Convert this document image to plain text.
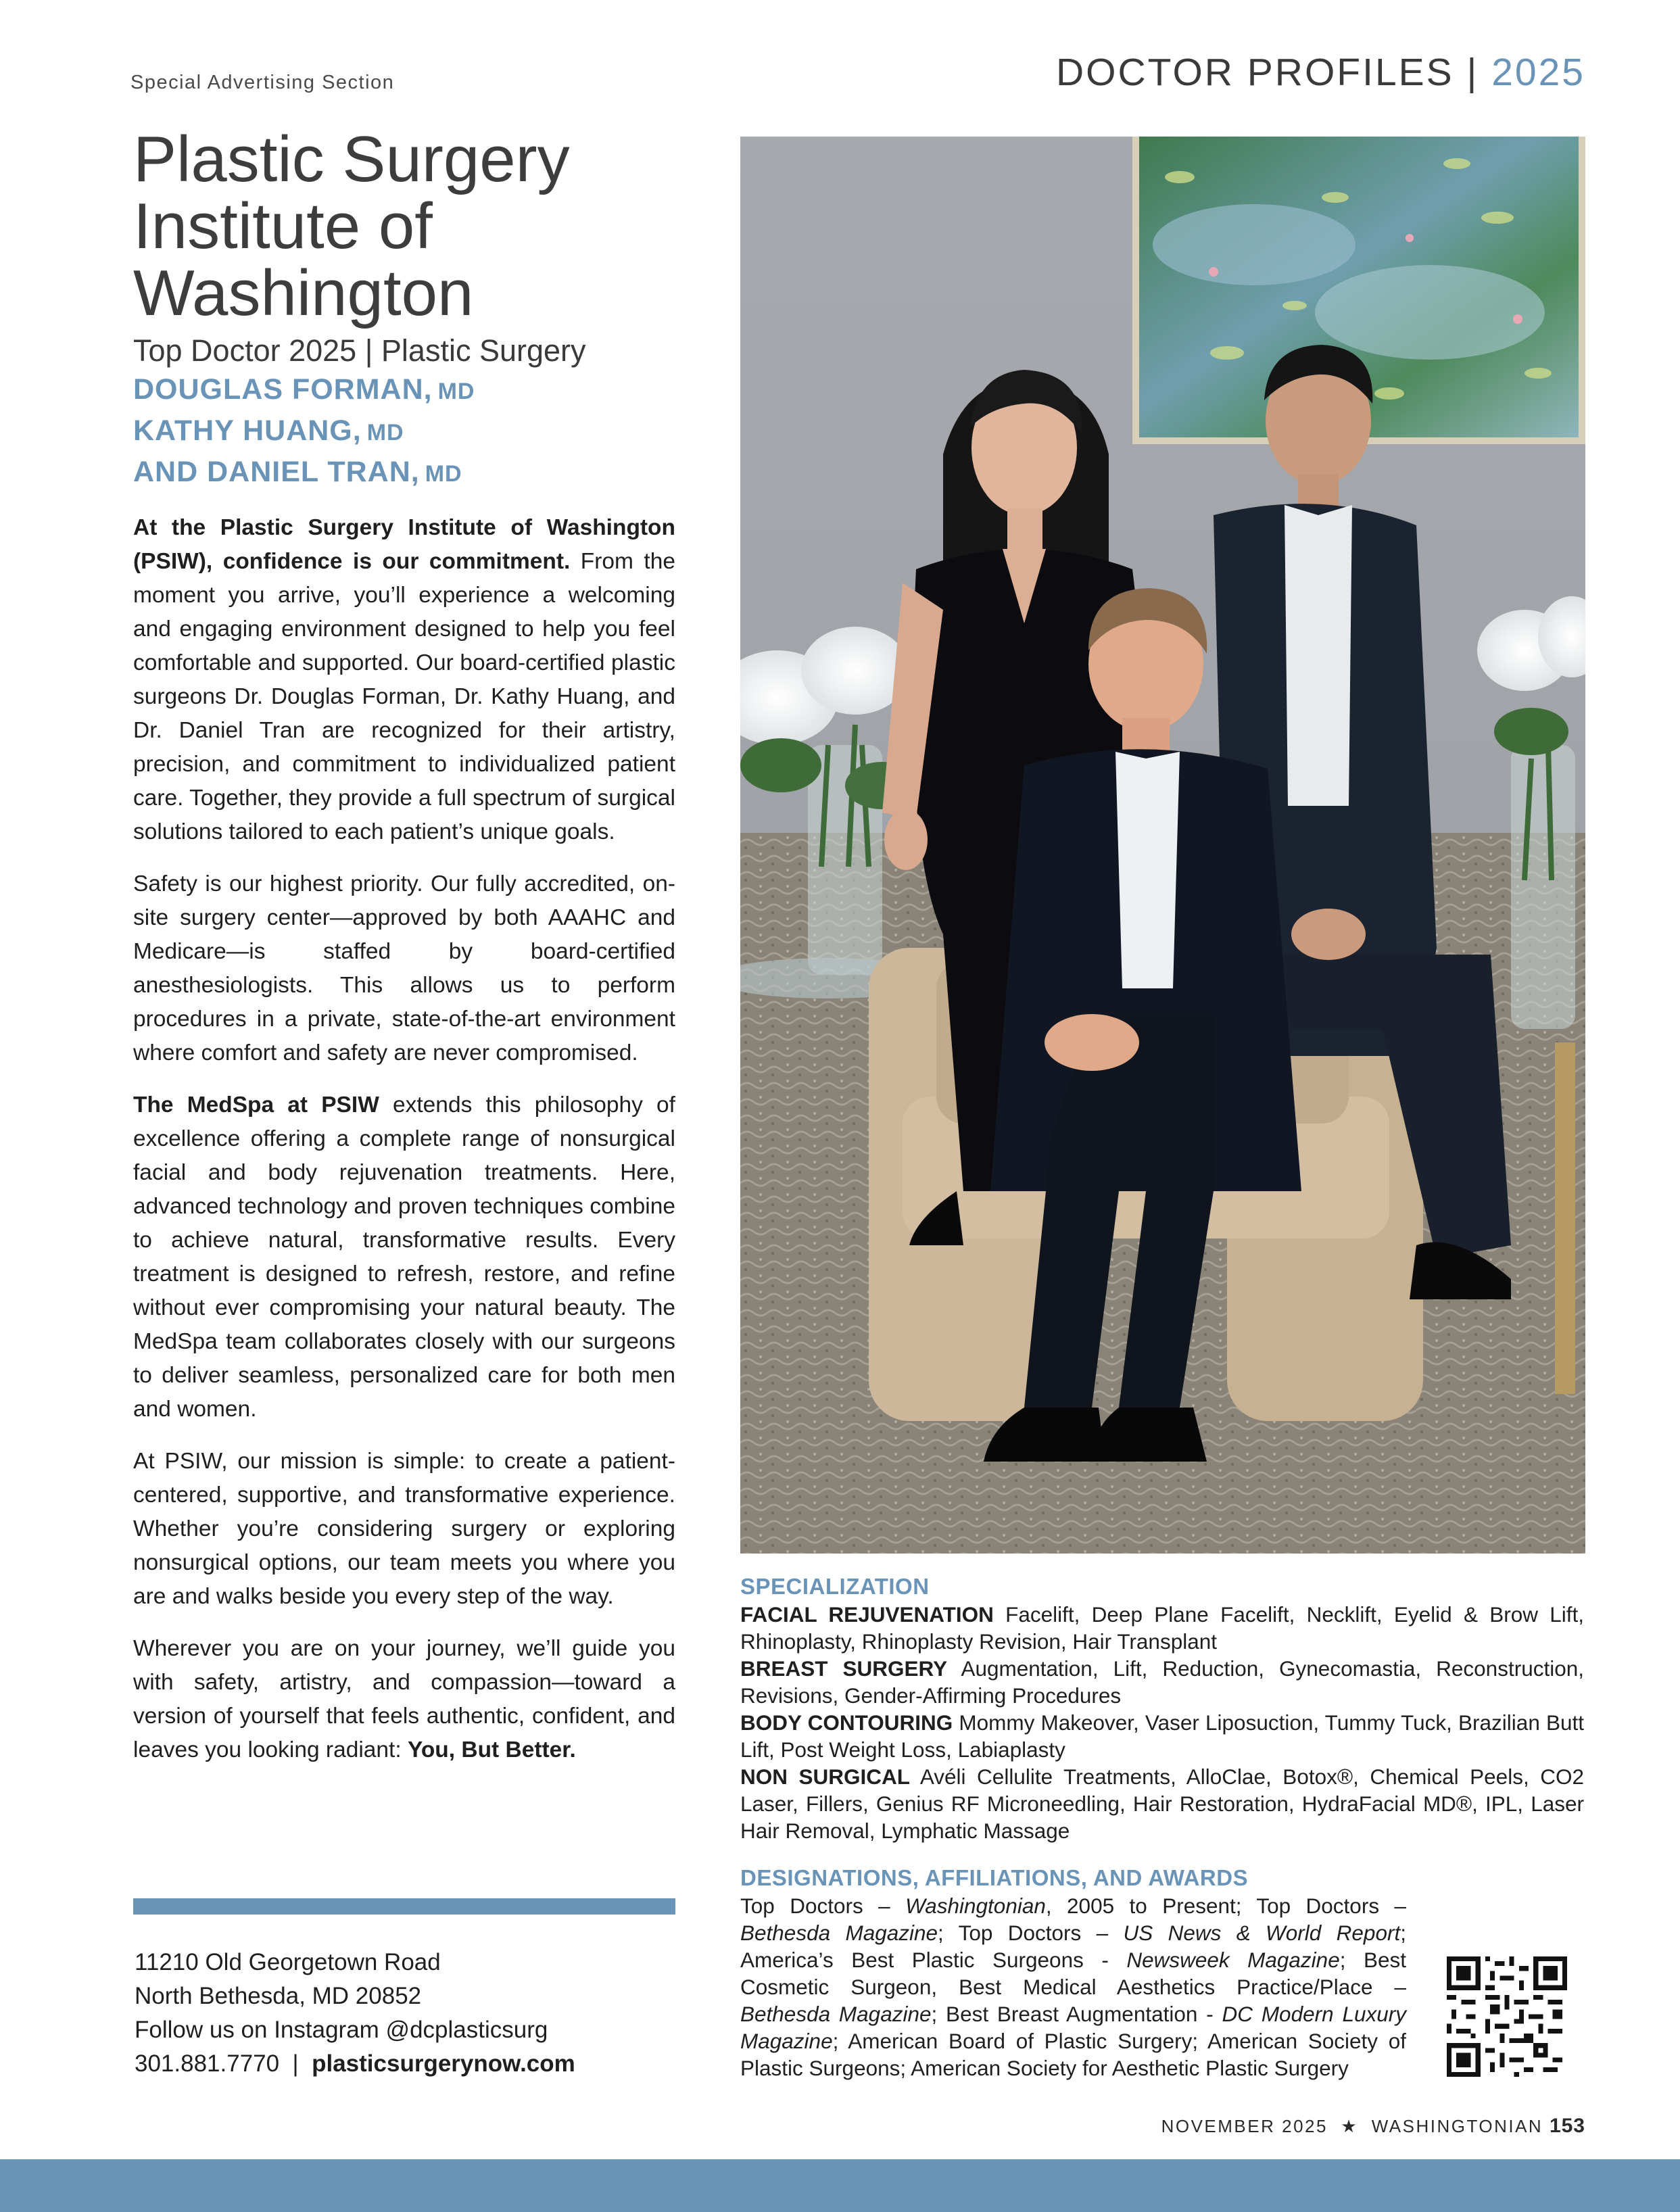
Special Advertising Section	DOCTOR PROFILES | 2025
Plastic Surgery
Institute of
Washington
Top Doctor 2025 | Plastic Surgery
DOUGLAS FORMAN, MD
KATHY HUANG, MD
AND DANIEL TRAN, MD

At the Plastic Surgery Institute of Washington (PSIW), confidence is our commitment. From the moment you arrive, you’ll experience a welcoming and engaging environment designed to help you feel comfortable and supported. Our board-certified plastic surgeons Dr. Douglas Forman, Dr. Kathy Huang, and Dr. Daniel Tran are recognized for their artistry, precision, and commitment to individualized patient care. Together, they provide a full spectrum of surgical solutions tailored to each patient’s unique goals.

Safety is our highest priority. Our fully accredited, on-site surgery center—approved by both AAAHC and Medicare—is staffed by board-certified anesthesiologists. This allows us to perform procedures in a private, state-of-the-art environment where comfort and safety are never compromised.

The MedSpa at PSIW extends this philosophy of excellence offering a complete range of nonsurgical facial and body rejuvenation treatments. Here, advanced technology and proven techniques combine to achieve natural, transformative results. Every treatment is designed to refresh, restore, and refine without ever compromising your natural beauty. The MedSpa team collaborates closely with our surgeons to deliver seamless, personalized care for both men and women.

At PSIW, our mission is simple: to create a patient-centered, supportive, and transformative experience. Whether you’re considering surgery or exploring nonsurgical options, our team meets you where you are and walks beside you every step of the way.

Wherever you are on your journey, we’ll guide you with safety, artistry, and compassion—toward a version of yourself that feels authentic, confident, and leaves you looking radiant: You, But Better.

11210 Old Georgetown Road
North Bethesda, MD 20852
Follow us on Instagram @dcplasticsurg
301.881.7770  |  plasticsurgerynow.com
SPECIALIZATION
FACIAL REJUVENATION Facelift, Deep Plane Facelift, Necklift, Eyelid & Brow Lift, Rhinoplasty, Rhinoplasty Revision, Hair Transplant
BREAST SURGERY Augmentation, Lift, Reduction, Gynecomastia, Reconstruction, Revisions, Gender-Affirming Procedures
BODY CONTOURING Mommy Makeover, Vaser Liposuction, Tummy Tuck, Brazilian Butt Lift, Post Weight Loss, Labiaplasty
NON SURGICAL Avéli Cellulite Treatments, AlloClae, Botox®, Chemical Peels, CO2 Laser, Fillers, Genius RF Microneedling, Hair Restoration, HydraFacial MD®, IPL, Laser Hair Removal, Lymphatic Massage
DESIGNATIONS, AFFILIATIONS, AND AWARDS
Top Doctors – Washingtonian, 2005 to Present; Top Doctors – Bethesda Magazine; Top Doctors – US News & World Report; America’s Best Plastic Surgeons - Newsweek Magazine; Best Cosmetic Surgeon, Best Medical Aesthetics Practice/Place – Bethesda Magazine; Best Breast Augmentation - DC Modern Luxury Magazine; American Board of Plastic Surgery; American Society of Plastic Surgeons; American Society for Aesthetic Plastic Surgery
NOVEMBER 2025 ★ WASHINGTONIAN 153
